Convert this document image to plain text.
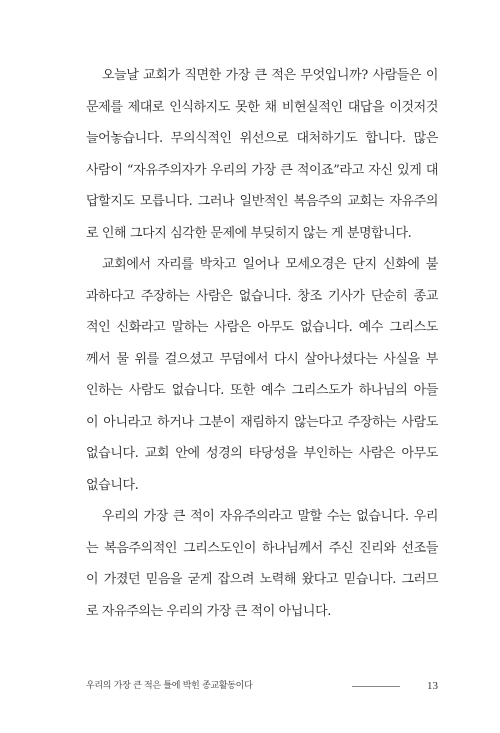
오늘날 교회가 직면한 가장 큰 적은 무엇입니까? 사람들은 이
문제를 제대로 인식하지도 못한 채 비현실적인 대답을 이것저것
늘어놓습니다. 무의식적인 위선으로 대처하기도 합니다. 많은
사람이 “자유주의자가 우리의 가장 큰 적이죠”라고 자신 있게 대
답할지도 모릅니다. 그러나 일반적인 복음주의 교회는 자유주의
로 인해 그다지 심각한 문제에 부딪히지 않는 게 분명합니다.
교회에서 자리를 박차고 일어나 모세오경은 단지 신화에 불
과하다고 주장하는 사람은 없습니다. 창조 기사가 단순히 종교
적인 신화라고 말하는 사람은 아무도 없습니다. 예수 그리스도
께서 물 위를 걸으셨고 무덤에서 다시 살아나셨다는 사실을 부
인하는 사람도 없습니다. 또한 예수 그리스도가 하나님의 아들
이 아니라고 하거나 그분이 재림하지 않는다고 주장하는 사람도
없습니다. 교회 안에 성경의 타당성을 부인하는 사람은 아무도
없습니다.
우리의 가장 큰 적이 자유주의라고 말할 수는 없습니다. 우리
는 복음주의적인 그리스도인이 하나님께서 주신 진리와 선조들
이 가졌던 믿음을 굳게 잡으려 노력해 왔다고 믿습니다. 그러므
로 자유주의는 우리의 가장 큰 적이 아닙니다.
우리의 가장 큰 적은 틀에 박힌 종교활동이다	13
